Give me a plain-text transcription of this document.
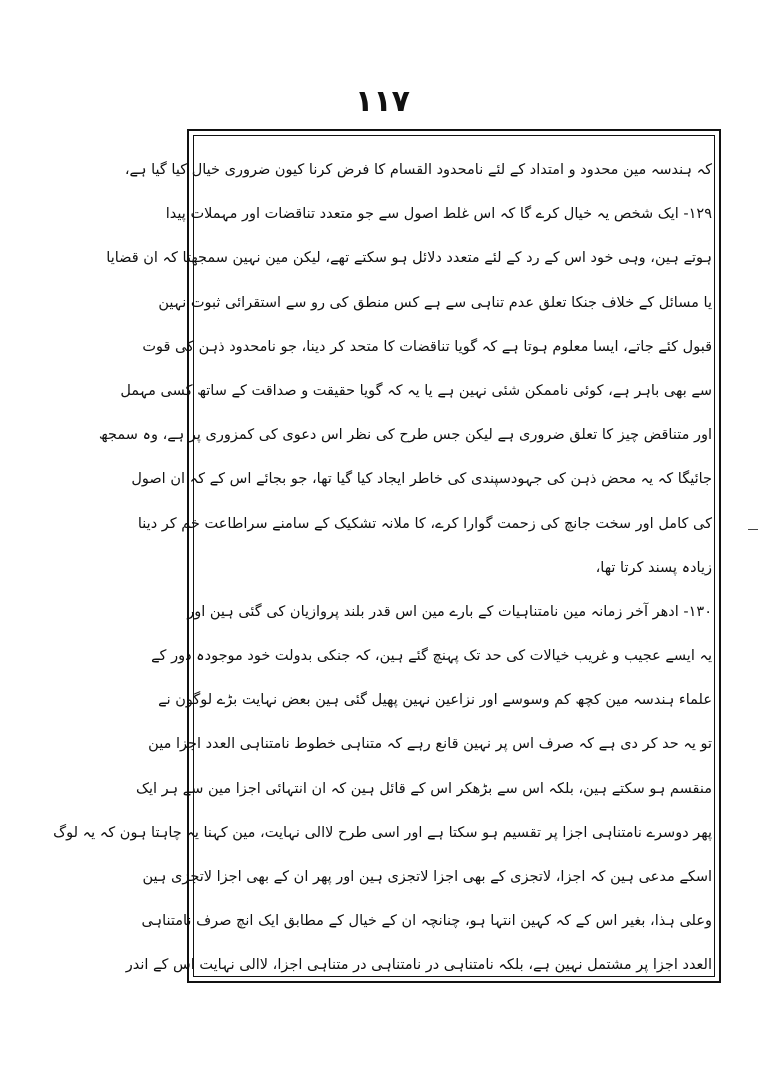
١١٧
کہ ہندسہ مین محدود و امتداد کے لئے نامحدود القسام کا فرض کرنا کیون ضروری خیال کیا گیا ہے،
۱۲۹- ایک شخص یہ خیال کرے گا کہ اس غلط اصول سے جو متعدد تناقضات اور مہملات پیدا
ہوتے ہین، وہی خود اس کے رد کے لئے متعدد دلائل ہو سکتے تھے، لیکن مین نہین سمجھتا کہ ان قضایا
یا مسائل کے خلاف جنکا تعلق عدم تناہی سے ہے کس منطق کی رو سے استقرائی ثبوت نہین
قبول کئے جاتے، ایسا معلوم ہوتا ہے کہ گویا تناقضات کا متحد کر دینا، جو نامحدود ذہن کی قوت
سے بھی باہر ہے، کوئی ناممکن شئی نہین ہے یا یہ کہ گویا حقیقت و صداقت کے ساتھ کسی مہمل
اور متناقض چیز کا تعلق ضروری ہے لیکن جس طرح کی نظر اس دعوی کی کمزوری پر ہے، وہ سمجھ
جائیگا کہ یہ محض ذہن کی جہودسپندی کی خاطر ایجاد کیا گیا تھا، جو بجائے اس کے کہ ان اصول
کی کامل اور سخت جانچ کی زحمت گوارا کرے، کا ملانہ تشکیک کے سامنے سراطاعت خم کر دینا
زیادہ پسند کرتا تھا،
۱۳۰- ادھر آخر زمانہ مین نامتناہیات کے بارے مین اس قدر بلند پروازیان کی گئی ہین اور
یہ ایسے عجیب و غریب خیالات کی حد تک پہنچ گئے ہین، کہ جنکی بدولت خود موجودہ دور کے
علماء ہندسہ مین کچھ کم وسوسے اور نزاعین نہین پھیل گئی ہین بعض نہایت بڑے لوگون نے
تو یہ حد کر دی ہے کہ صرف اس پر نہین قانع رہے کہ متناہی خطوط نامتناہی العدد اجزا مین
منقسم ہو سکتے ہین، بلکہ اس سے بڑھکر اس کے قائل ہین کہ ان انتہائی اجزا مین سے ہر ایک
پھر دوسرے نامتناہی اجزا پر تقسیم ہو سکتا ہے اور اسی طرح لاالی نہایت، مین کہنا یہ چاہتا ہون کہ یہ لوگ
اسکے مدعی ہین کہ اجزا، لاتجزی کے بھی اجزا لاتجزی ہین اور پھر ان کے بھی اجزا لاتجزی ہین
وعلی ہذا، بغیر اس کے کہ کہین انتہا ہو، چنانچہ ان کے خیال کے مطابق ایک انچ صرف نامتناہی
العدد اجزا پر مشتمل نہین ہے، بلکہ نامتناہی در نامتناہی در متناہی اجزا، لاالی نہایت اس کے اندر
